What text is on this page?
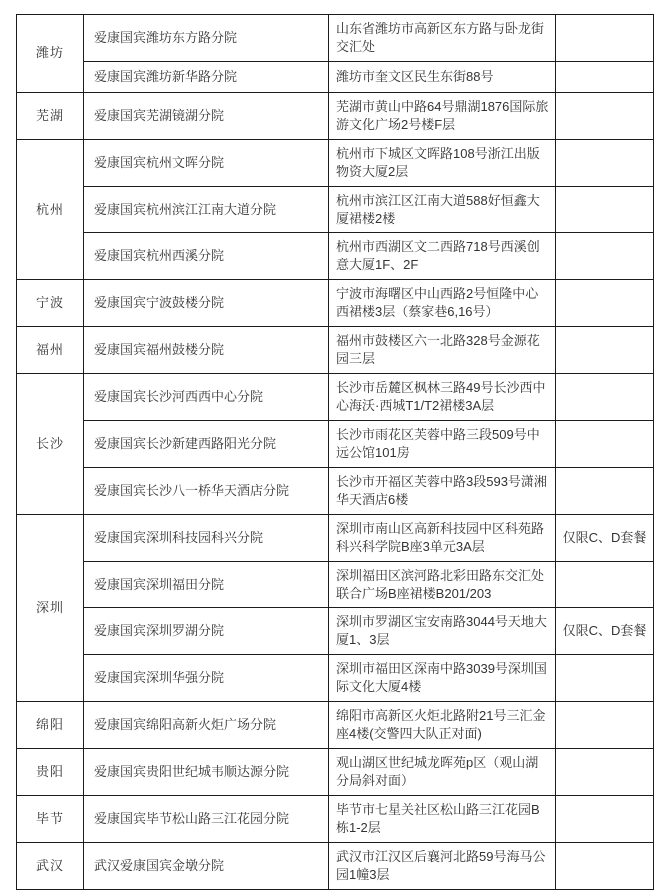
潍坊	爱康国宾潍坊东方路分院	山东省潍坊市高新区东方路与卧龙街交汇处	
	爱康国宾潍坊新华路分院	潍坊市奎文区民生东街88号	
芜湖	爱康国宾芜湖镜湖分院	芜湖市黄山中路64号鼎湖1876国际旅游文化广场2号楼F层	
杭州	爱康国宾杭州文晖分院	杭州市下城区文晖路108号浙江出版物资大厦2层	
	爱康国宾杭州滨江江南大道分院	杭州市滨江区江南大道588好恒鑫大厦裙楼2楼	
	爱康国宾杭州西溪分院	杭州市西湖区文二西路718号西溪创意大厦1F、2F	
宁波	爱康国宾宁波鼓楼分院	宁波市海曙区中山西路2号恒隆中心西裙楼3层（蔡家巷6,16号）	
福州	爱康国宾福州鼓楼分院	福州市鼓楼区六一北路328号金源花园三层	
长沙	爱康国宾长沙河西西中心分院	长沙市岳麓区枫林三路49号长沙西中心海沃·西城T1/T2裙楼3A层	
	爱康国宾长沙新建西路阳光分院	长沙市雨花区芙蓉中路三段509号中远公馆101房	
	爱康国宾长沙八一桥华天酒店分院	长沙市开福区芙蓉中路3段593号潇湘华天酒店6楼	
深圳	爱康国宾深圳科技园科兴分院	深圳市南山区高新科技园中区科苑路科兴科学院B座3单元3A层	仅限C、D套餐
	爱康国宾深圳福田分院	深圳福田区滨河路北彩田路东交汇处联合广场B座裙楼B201/203	
	爱康国宾深圳罗湖分院	深圳市罗湖区宝安南路3044号天地大厦1、3层	仅限C、D套餐
	爱康国宾深圳华强分院	深圳市福田区深南中路3039号深圳国际文化大厦4楼	
绵阳	爱康国宾绵阳高新火炬广场分院	绵阳市高新区火炬北路附21号三汇金座4楼(交警四大队正对面)	
贵阳	爱康国宾贵阳世纪城韦顺达源分院	观山湖区世纪城龙晖苑p区（观山湖分局斜对面）	
毕节	爱康国宾毕节松山路三江花园分院	毕节市七星关社区松山路三江花园B栋1-2层	
武汉	武汉爱康国宾金墩分院	武汉市江汉区后襄河北路59号海马公园1幢3层	
